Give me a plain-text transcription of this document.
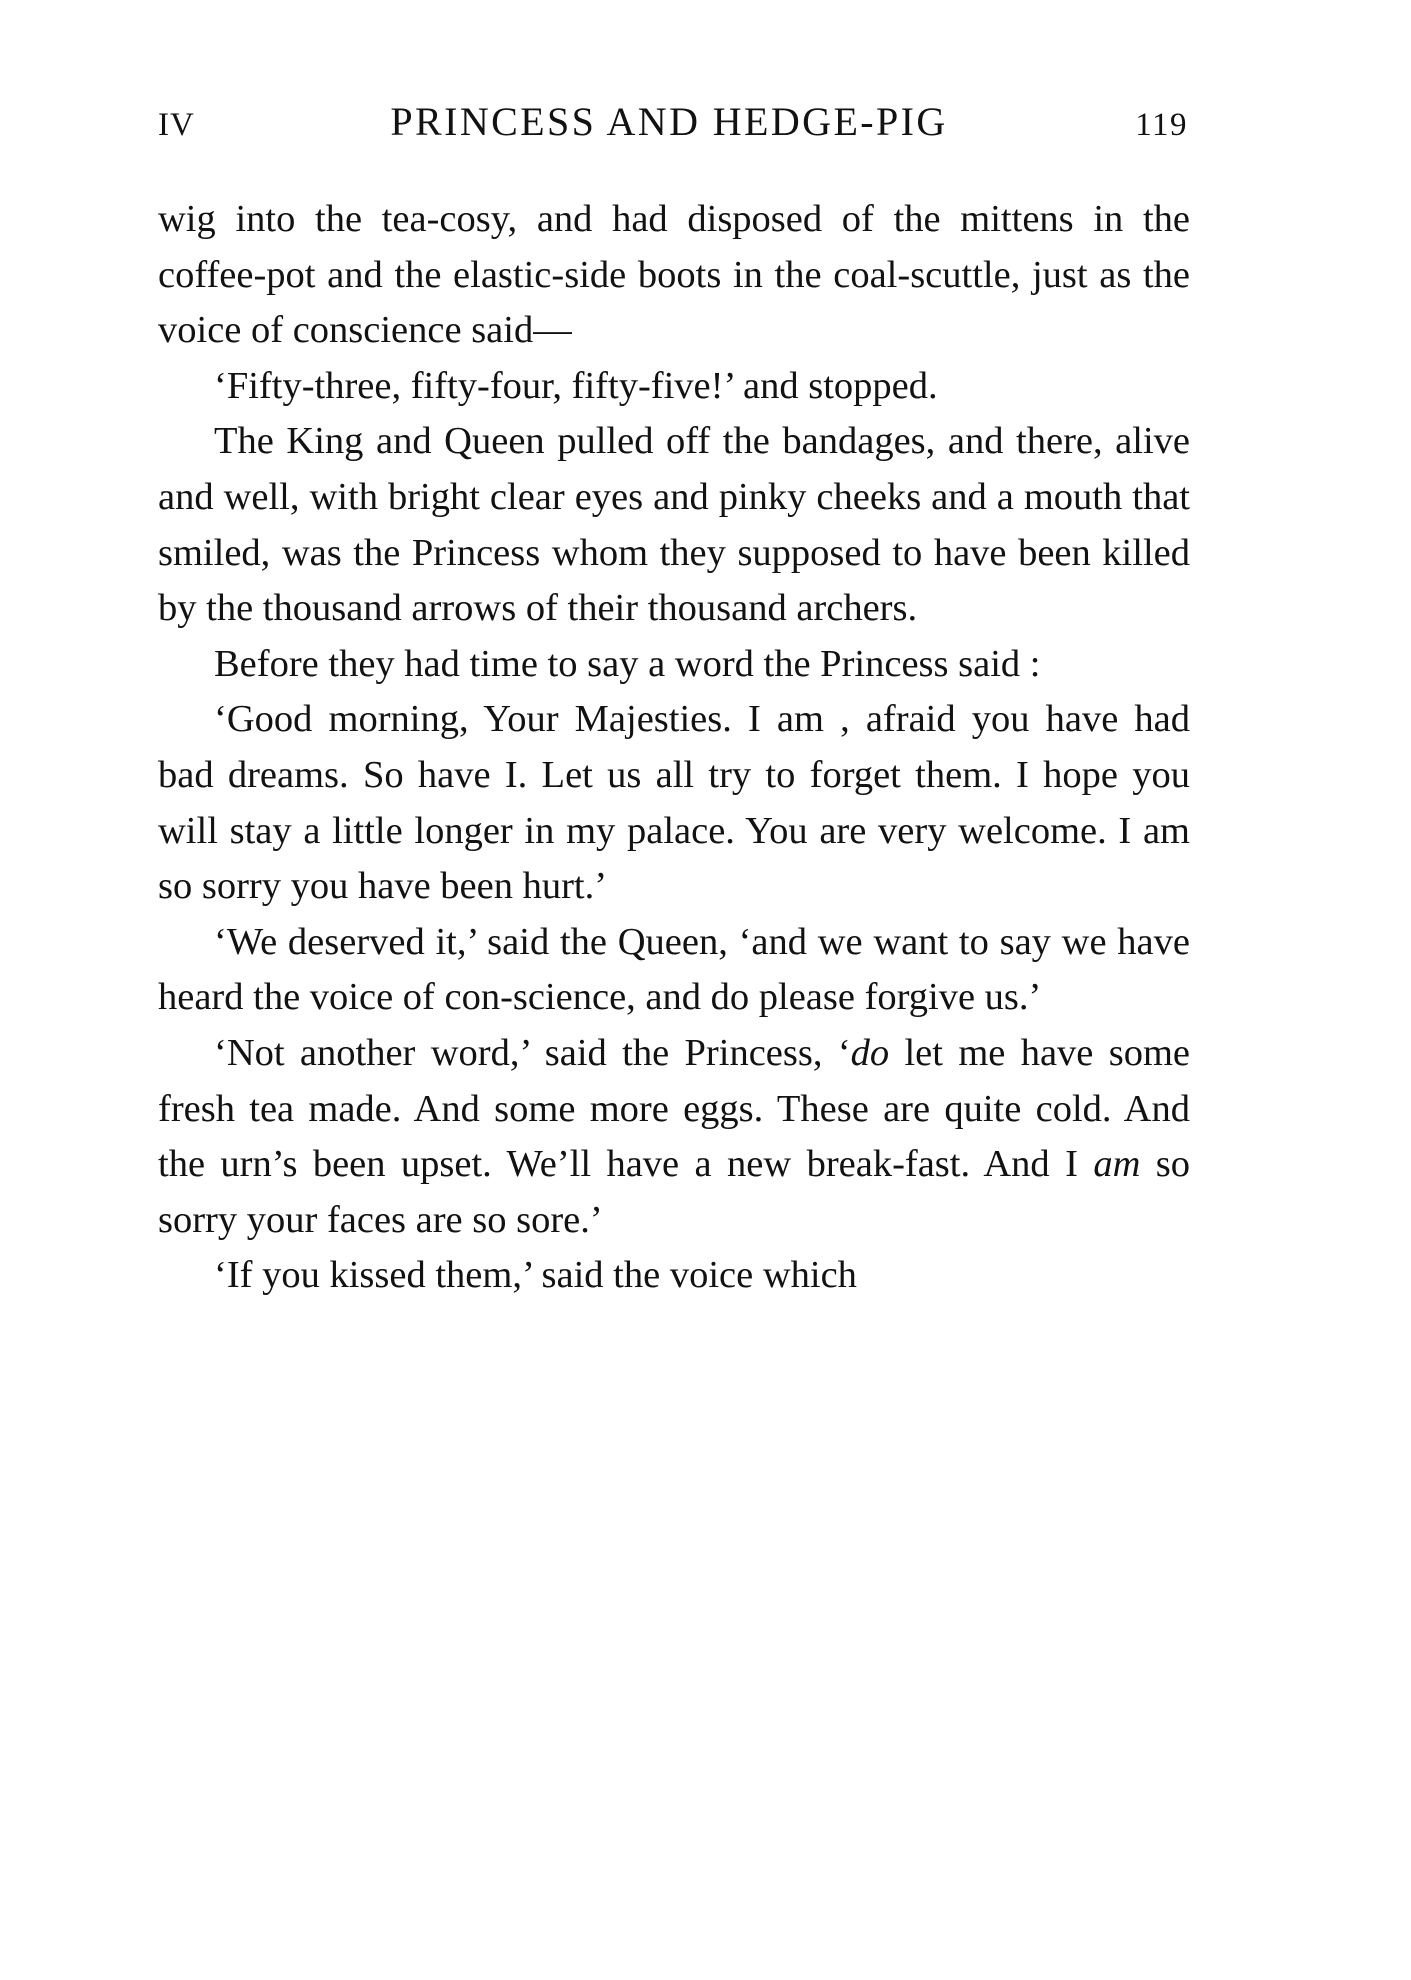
IV	PRINCESS AND HEDGE-PIG	119

wig into the tea-cosy, and had disposed of the mittens in the coffee-pot and the elastic-side boots in the coal-scuttle, just as the voice of conscience said—

‘Fifty-three, fifty-four, fifty-five!’ and stopped.

The King and Queen pulled off the bandages, and there, alive and well, with bright clear eyes and pinky cheeks and a mouth that smiled, was the Princess whom they supposed to have been killed by the thousand arrows of their thousand archers.

Before they had time to say a word the Princess said :

‘Good morning, Your Majesties. I am , afraid you have had bad dreams. So have I. Let us all try to forget them. I hope you will stay a little longer in my palace. You are very welcome. I am so sorry you have been hurt.’

‘We deserved it,’ said the Queen, ‘and we want to say we have heard the voice of con-science, and do please forgive us.’

‘Not another word,’ said the Princess, ‘do let me have some fresh tea made. And some more eggs. These are quite cold. And the urn’s been upset. We’ll have a new break-fast. And I am so sorry your faces are so sore.’

‘If you kissed them,’ said the voice which
